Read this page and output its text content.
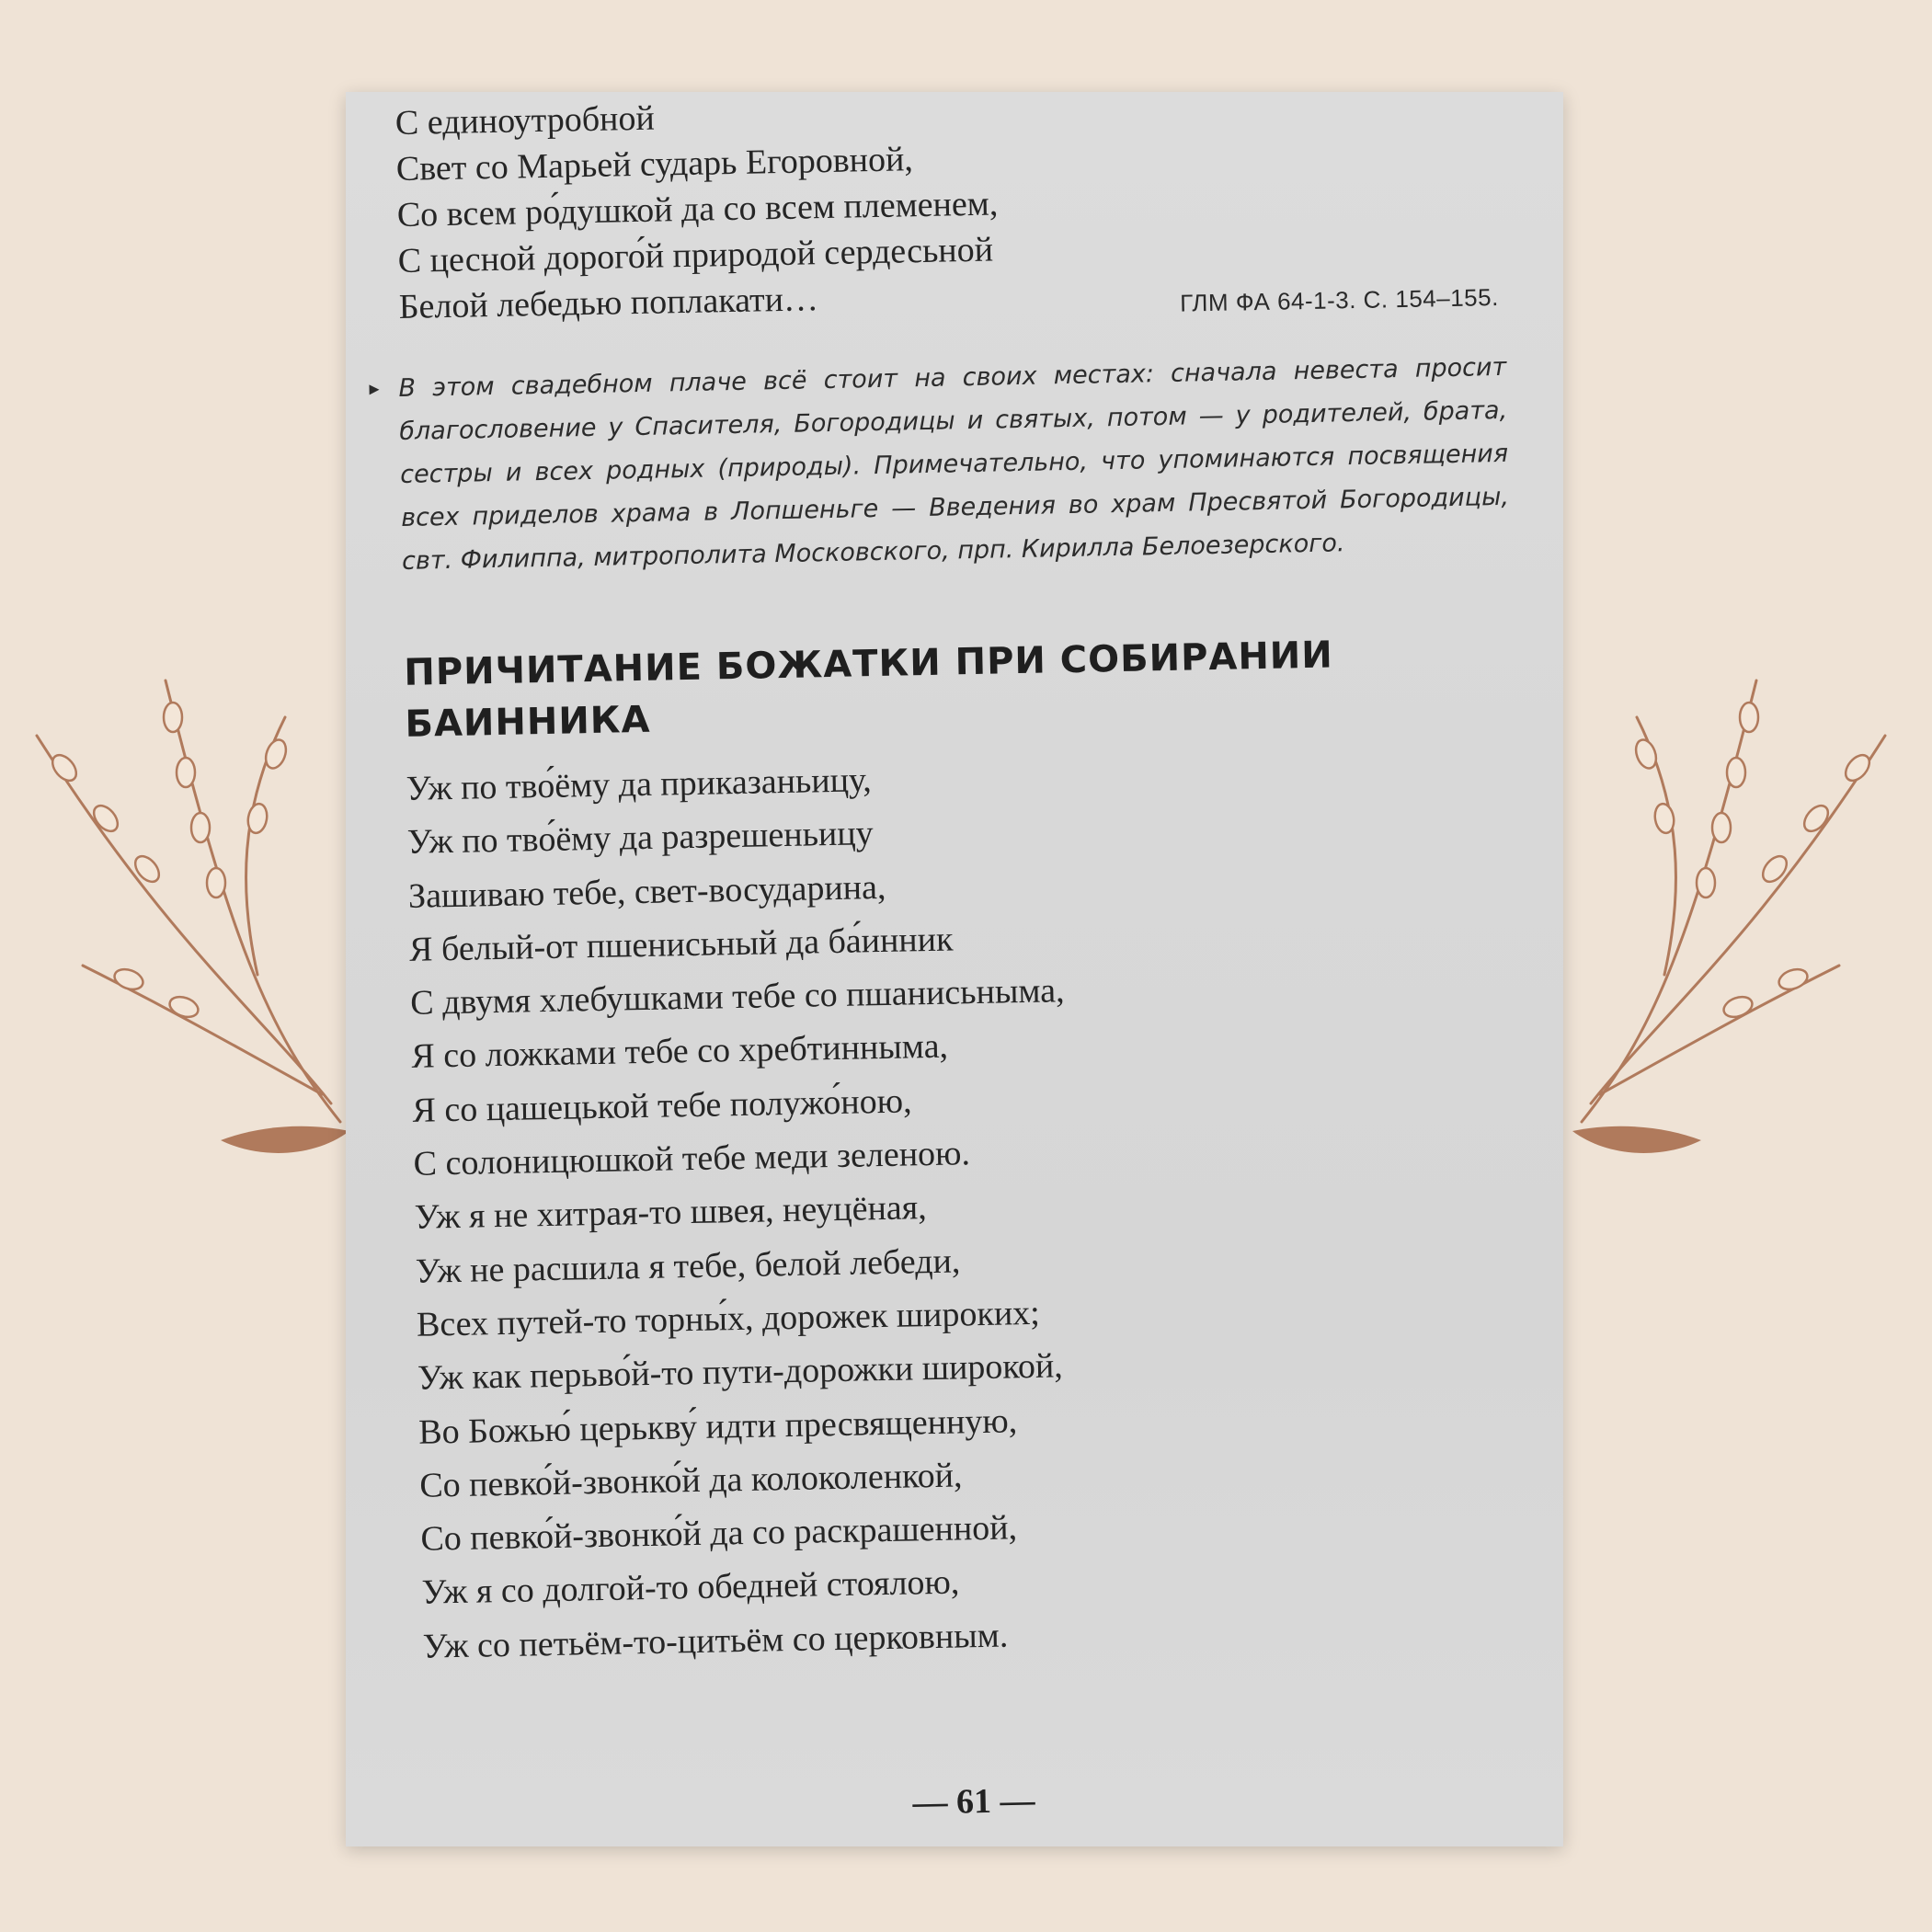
С единоутробной
Свет со Марьей сударь Егоровной,
Со всем ро́душкой да со всем племенем,
С цесной дорого́й природой сердесьной
Белой лебедью поплакати…	ГЛМ ФА 64-1-3. С. 154–155.
▸ В этом свадебном плаче всё стоит на своих местах: сначала невеста просит благословение у Спасителя, Богородицы и святых, потом — у родителей, брата, сестры и всех родных (природы). Примечательно, что упоминаются посвящения всех приделов храма в Лопшеньге — Введения во храм Пресвятой Богородицы, свт. Филиппа, митрополита Московского, прп. Кирилла Белоезерского.
ПРИЧИТАНИЕ БОЖАТКИ ПРИ СОБИРАНИИ БАИННИКА
Уж по тво́ёму да приказаньицу,
Уж по тво́ёму да разрешеньицу
Зашиваю тебе, свет-восударина,
Я белый-от пшенисьный да ба́инник
С двумя хлебушками тебе со пшанисьныма,
Я со ложками тебе со хребтинныма,
Я со цашецькой тебе полужо́ною,
С солоницюшкой тебе меди зеленою.
Уж я не хитрая-то швея, неуцёная,
Уж не расшила я тебе, белой лебеди,
Всех путей-то торны́х, дорожек широких;
Уж как перьво́й-то пути-дорожки широкой,
Во Божью́ церькву́ идти пресвященную,
Со певко́й-звонко́й да колоколенкой,
Со певко́й-звонко́й да со раскрашенной,
Уж я со долгой-то обедней стоялою,
Уж со петьём-то-цитьём со церковным.
— 61 —
